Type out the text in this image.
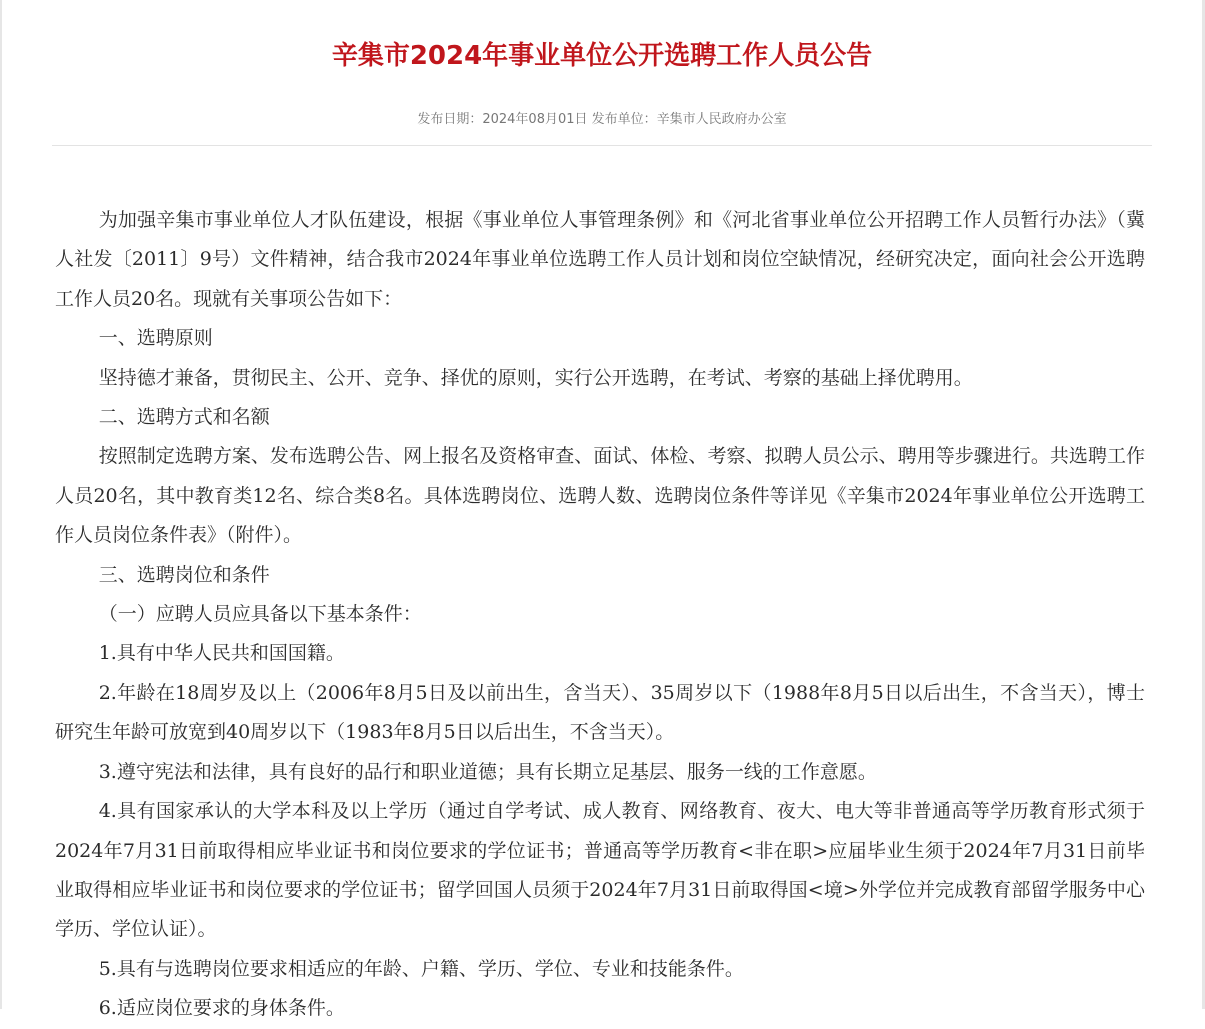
辛集市2024年事业单位公开选聘工作人员公告
发布日期：2024年08月01日 发布单位：辛集市人民政府办公室

为加强辛集市事业单位人才队伍建设，根据《事业单位人事管理条例》和《河北省事业单位公开招聘工作人员暂行办法》（冀人社发〔2011〕9号）文件精神，结合我市2024年事业单位选聘工作人员计划和岗位空缺情况，经研究决定，面向社会公开选聘工作人员20名。现就有关事项公告如下：

一、选聘原则

坚持德才兼备，贯彻民主、公开、竞争、择优的原则，实行公开选聘，在考试、考察的基础上择优聘用。

二、选聘方式和名额

按照制定选聘方案、发布选聘公告、网上报名及资格审查、面试、体检、考察、拟聘人员公示、聘用等步骤进行。共选聘工作人员20名，其中教育类12名、综合类8名。具体选聘岗位、选聘人数、选聘岗位条件等详见《辛集市2024年事业单位公开选聘工作人员岗位条件表》（附件）。

三、选聘岗位和条件

（一）应聘人员应具备以下基本条件：

1.具有中华人民共和国国籍。

2.年龄在18周岁及以上（2006年8月5日及以前出生，含当天）、35周岁以下（1988年8月5日以后出生，不含当天），博士研究生年龄可放宽到40周岁以下（1983年8月5日以后出生，不含当天）。

3.遵守宪法和法律，具有良好的品行和职业道德；具有长期立足基层、服务一线的工作意愿。

4.具有国家承认的大学本科及以上学历（通过自学考试、成人教育、网络教育、夜大、电大等非普通高等学历教育形式须于2024年7月31日前取得相应毕业证书和岗位要求的学位证书；普通高等学历教育<非在职>应届毕业生须于2024年7月31日前毕业取得相应毕业证书和岗位要求的学位证书；留学回国人员须于2024年7月31日前取得国<境>外学位并完成教育部留学服务中心学历、学位认证）。

5.具有与选聘岗位要求相适应的年龄、户籍、学历、学位、专业和技能条件。

6.适应岗位要求的身体条件。
